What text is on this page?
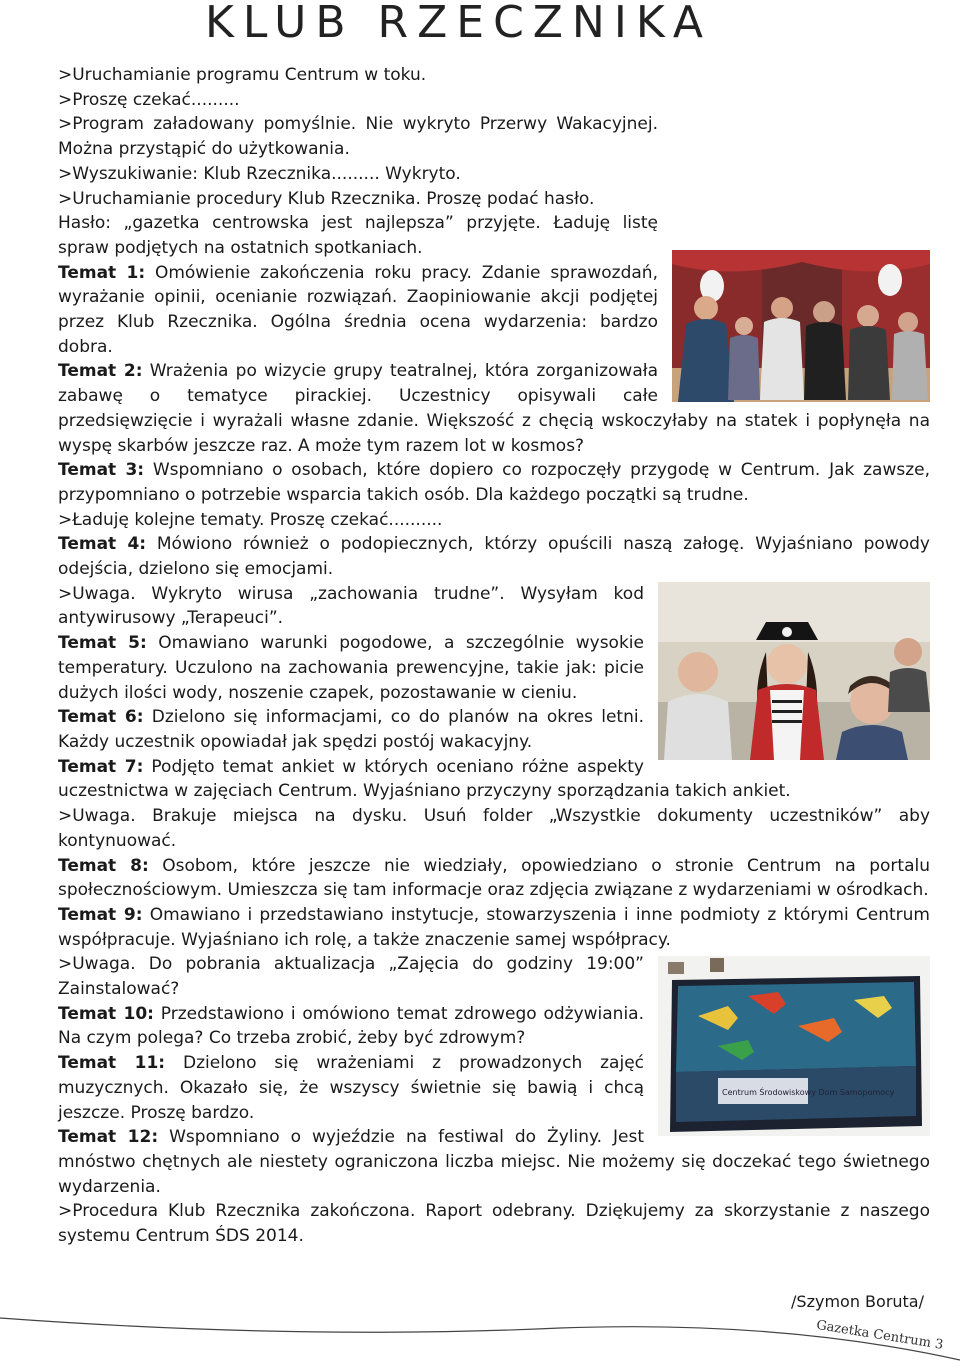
KLUB RZECZNIKA

>Uruchamianie programu Centrum w toku.

>Proszę czekać.........

>Program załadowany pomyślnie. Nie wykryto Przerwy Wakacyjnej. Można przystąpić do użytkowania.

>Wyszukiwanie: Klub Rzecznika......... Wykryto.

>Uruchamianie procedury Klub Rzecznika. Proszę podać hasło.

Hasło: „gazetka centrowska jest najlepsza” przyjęte. Ładuję listę spraw podjętych na ostatnich spotkaniach.

Temat 1: Omówienie zakończenia roku pracy. Zdanie sprawozdań, wyrażanie opinii, ocenianie rozwiązań. Zaopiniowanie akcji podjętej przez Klub Rzecznika. Ogólna średnia ocena wydarzenia: bardzo dobra.

Temat 2: Wrażenia po wizycie grupy teatralnej, która zorganizowała zabawę o tematyce pirackiej. Uczestnicy opisywali całe przedsięwzięcie i wyrażali własne zdanie. Większość z chęcią wskoczyłaby na statek i popłynęła na wyspę skarbów jeszcze raz. A może tym razem lot w kosmos?

Temat 3: Wspomniano o osobach, które dopiero co rozpoczęły przygodę w Centrum. Jak zawsze, przypomniano o potrzebie wsparcia takich osób. Dla każdego początki są trudne.

>Ładuję kolejne tematy. Proszę czekać..........

Temat 4: Mówiono również o podopiecznych, którzy opuścili naszą załogę. Wyjaśniano powody odejścia, dzielono się emocjami.

>Uwaga. Wykryto wirusa „zachowania trudne”. Wysyłam kod antywirusowy „Terapeuci”.

Temat 5: Omawiano warunki pogodowe, a szczególnie wysokie temperatury. Uczulono na zachowania prewencyjne, takie jak: picie dużych ilości wody, noszenie czapek, pozostawanie w cieniu.

Temat 6: Dzielono się informacjami, co do planów na okres letni. Każdy uczestnik opowiadał jak spędzi postój wakacyjny.

Temat 7: Podjęto temat ankiet w których oceniano różne aspekty uczestnictwa w zajęciach Centrum. Wyjaśniano przyczyny sporządzania takich ankiet.

>Uwaga. Brakuje miejsca na dysku. Usuń folder „Wszystkie dokumenty uczestników” aby kontynuować.

Temat 8: Osobom, które jeszcze nie wiedziały, opowiedziano o stronie Centrum na portalu społecznościowym. Umieszcza się tam informacje oraz zdjęcia związane z wydarzeniami w ośrodkach.

Temat 9: Omawiano i przedstawiano instytucje, stowarzyszenia i inne podmioty z którymi Centrum współpracuje. Wyjaśniano ich rolę, a także znaczenie samej współpracy.

Centrum Środowiskowy Dom Samopomocy

>Uwaga. Do pobrania aktualizacja „Zajęcia do godziny 19:00” Zainstalować?

Temat 10: Przedstawiono i omówiono temat zdrowego odżywiania. Na czym polega? Co trzeba zrobić, żeby być zdrowym?

Temat 11: Dzielono się wrażeniami z prowadzonych zajęć muzycznych. Okazało się, że wszyscy świetnie się bawią i chcą jeszcze. Proszę bardzo.

Temat 12: Wspomniano o wyjeździe na festiwal do Żyliny. Jest mnóstwo chętnych ale niestety ograniczona liczba miejsc. Nie możemy się doczekać tego świetnego wydarzenia.

>Procedura Klub Rzecznika zakończona. Raport odebrany. Dziękujemy za skorzystanie z naszego systemu Centrum ŚDS 2014.

/Szymon Boruta/
Gazetka Centrum 3
